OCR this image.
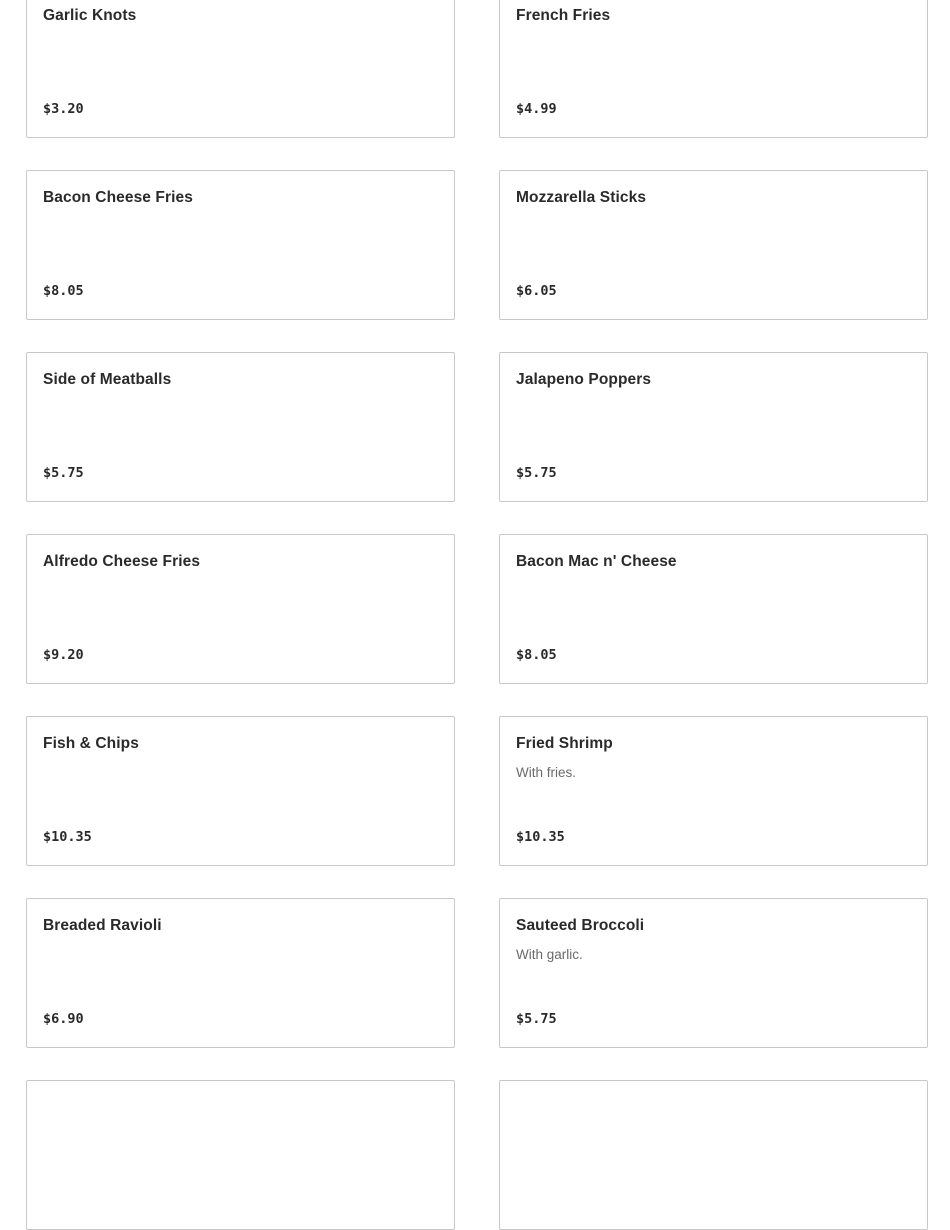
Garlic Knots
$3.20
French Fries
$4.99
Bacon Cheese Fries
$8.05
Mozzarella Sticks
$6.05
Side of Meatballs
$5.75
Jalapeno Poppers
$5.75
Alfredo Cheese Fries
$9.20
Bacon Mac n' Cheese
$8.05
Fish & Chips
$10.35
Fried Shrimp
With fries.
$10.35
Breaded Ravioli
$6.90
Sauteed Broccoli
With garlic.
$5.75
